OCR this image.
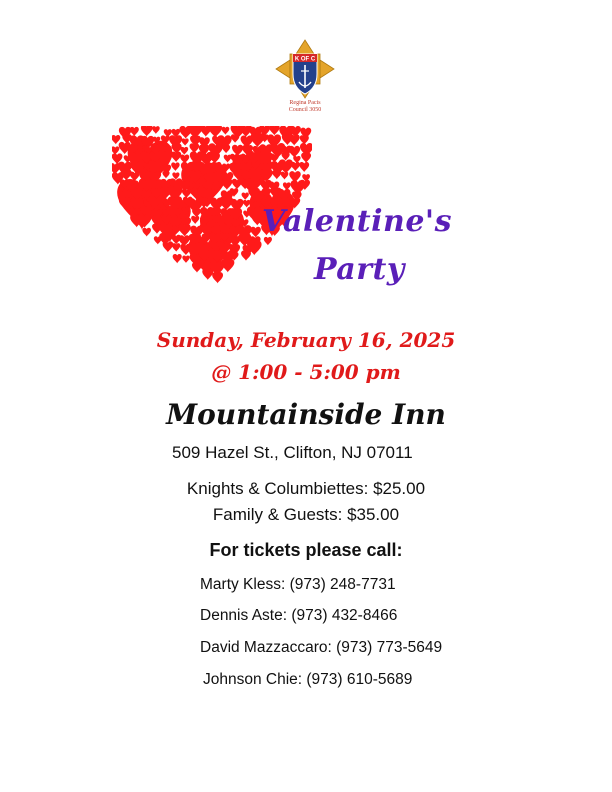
K OF C
Regina Pacis
Council 3050
Valentine's
Party
Sunday, February 16, 2025
@ 1:00 - 5:00 pm
Mountainside Inn
509 Hazel St., Clifton, NJ 07011
Knights & Columbiettes: $25.00
Family & Guests: $35.00
For tickets please call:
Marty Kless: (973) 248-7731
Dennis Aste: (973) 432-8466
David Mazzaccaro: (973) 773-5649
Johnson Chie: (973) 610-5689
